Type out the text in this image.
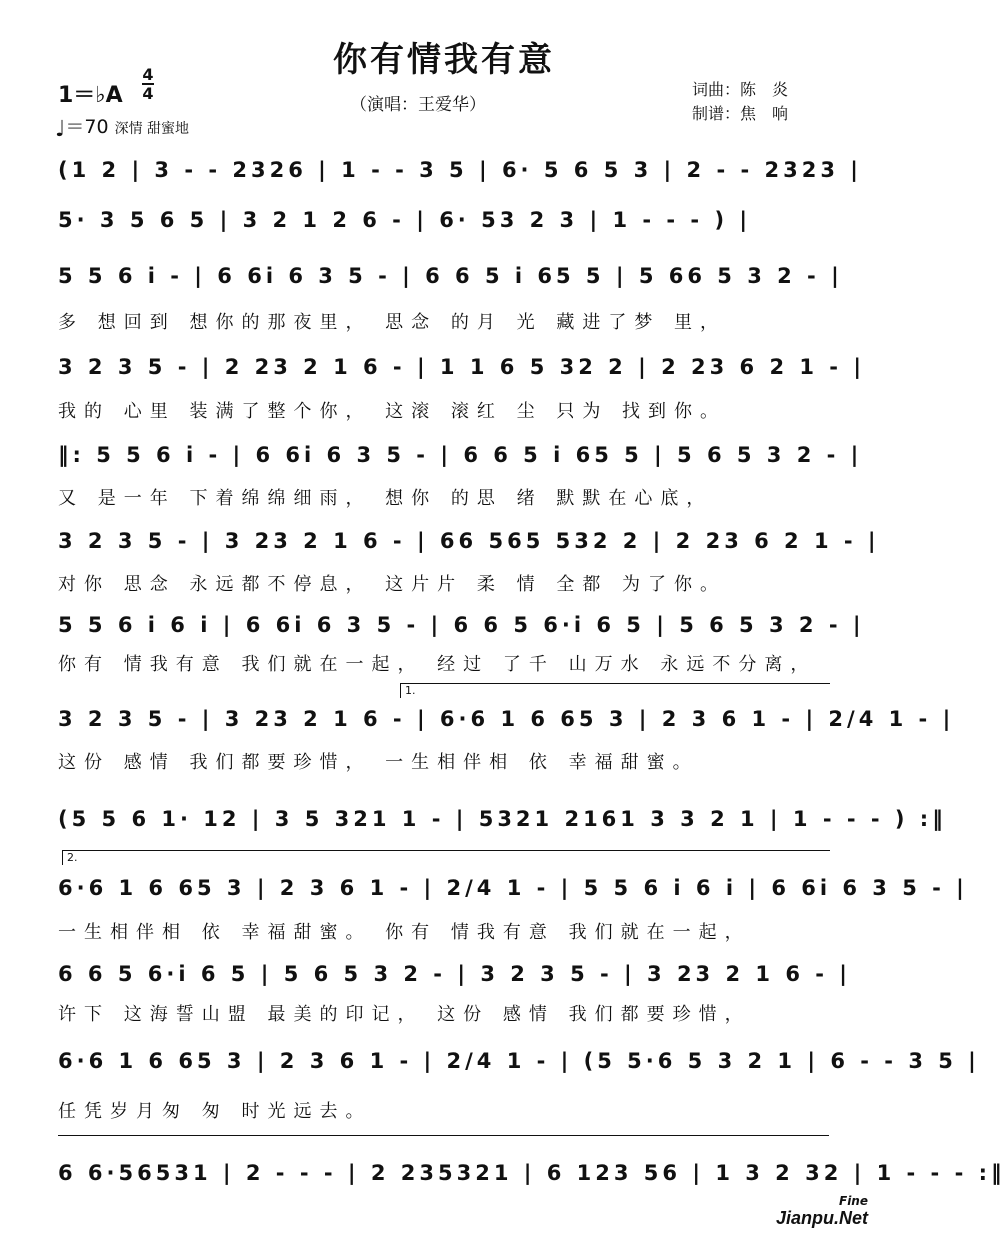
你有情我有意
（演唱：王爱华）
词曲：陈　炎
制谱：焦　响
1＝♭A
4
4
♩＝70 深情 甜蜜地
(1 2 | 3 - - 2326 | 1 - - 3 5 | 6· 5 6 5 3 | 2 - - 2323 |
5· 3 5 6 5 | 3 2 1 2 6 - | 6· 53 2 3 | 1 - - - ) |
5 5 6 i - | 6 6i 6 3 5 - | 6 6 5 i 65 5 | 5 66 5 3 2 - |
多 想回到 想你的那夜里， 思念 的月 光 藏进了梦 里，
3 2 3 5 - | 2 23 2 1 6 - | 1 1 6 5 32 2 | 2 23 6 2 1 - |
我的 心里 装满了整个你， 这滚 滚红 尘 只为 找到你。
‖: 5 5 6 i - | 6 6i 6 3 5 - | 6 6 5 i 65 5 | 5 6 5 3 2 - |
又 是一年 下着绵绵细雨， 想你 的思 绪 默默在心底，
3 2 3 5 - | 3 23 2 1 6 - | 66 565 532 2 | 2 23 6 2 1 - |
对你 思念 永远都不停息， 这片片 柔 情 全都 为了你。
5 5 6 i 6 i | 6 6i 6 3 5 - | 6 6 5 6·i 6 5 | 5 6 5 3 2 - |
你有 情我有意 我们就在一起， 经过 了千 山万水 永远不分离，
1.
3 2 3 5 - | 3 23 2 1 6 - | 6·6 1 6 65 3 | 2 3 6 1 - | 2/4 1 - |
这份 感情 我们都要珍惜， 一生相伴相 依 幸福甜蜜。
(5 5 6 1· 12 | 3 5 321 1 - | 5321 2161 3 3 2 1 | 1 - - - ) :‖
2.
6·6 1 6 65 3 | 2 3 6 1 - | 2/4 1 - | 5 5 6 i 6 i | 6 6i 6 3 5 - |
一生相伴相 依 幸福甜蜜。 你有 情我有意 我们就在一起，
6 6 5 6·i 6 5 | 5 6 5 3 2 - | 3 2 3 5 - | 3 23 2 1 6 - |
许下 这海誓山盟 最美的印记， 这份 感情 我们都要珍惜，
6·6 1 6 65 3 | 2 3 6 1 - | 2/4 1 - | (5 5·6 5 3 2 1 | 6 - - 3 5 |
任凭岁月匆 匆 时光远去。
6 6·56531 | 2 - - - | 2 235321 | 6 123 56 | 1 3 2 32 | 1 - - - :‖
Fine
Jianpu.Net
